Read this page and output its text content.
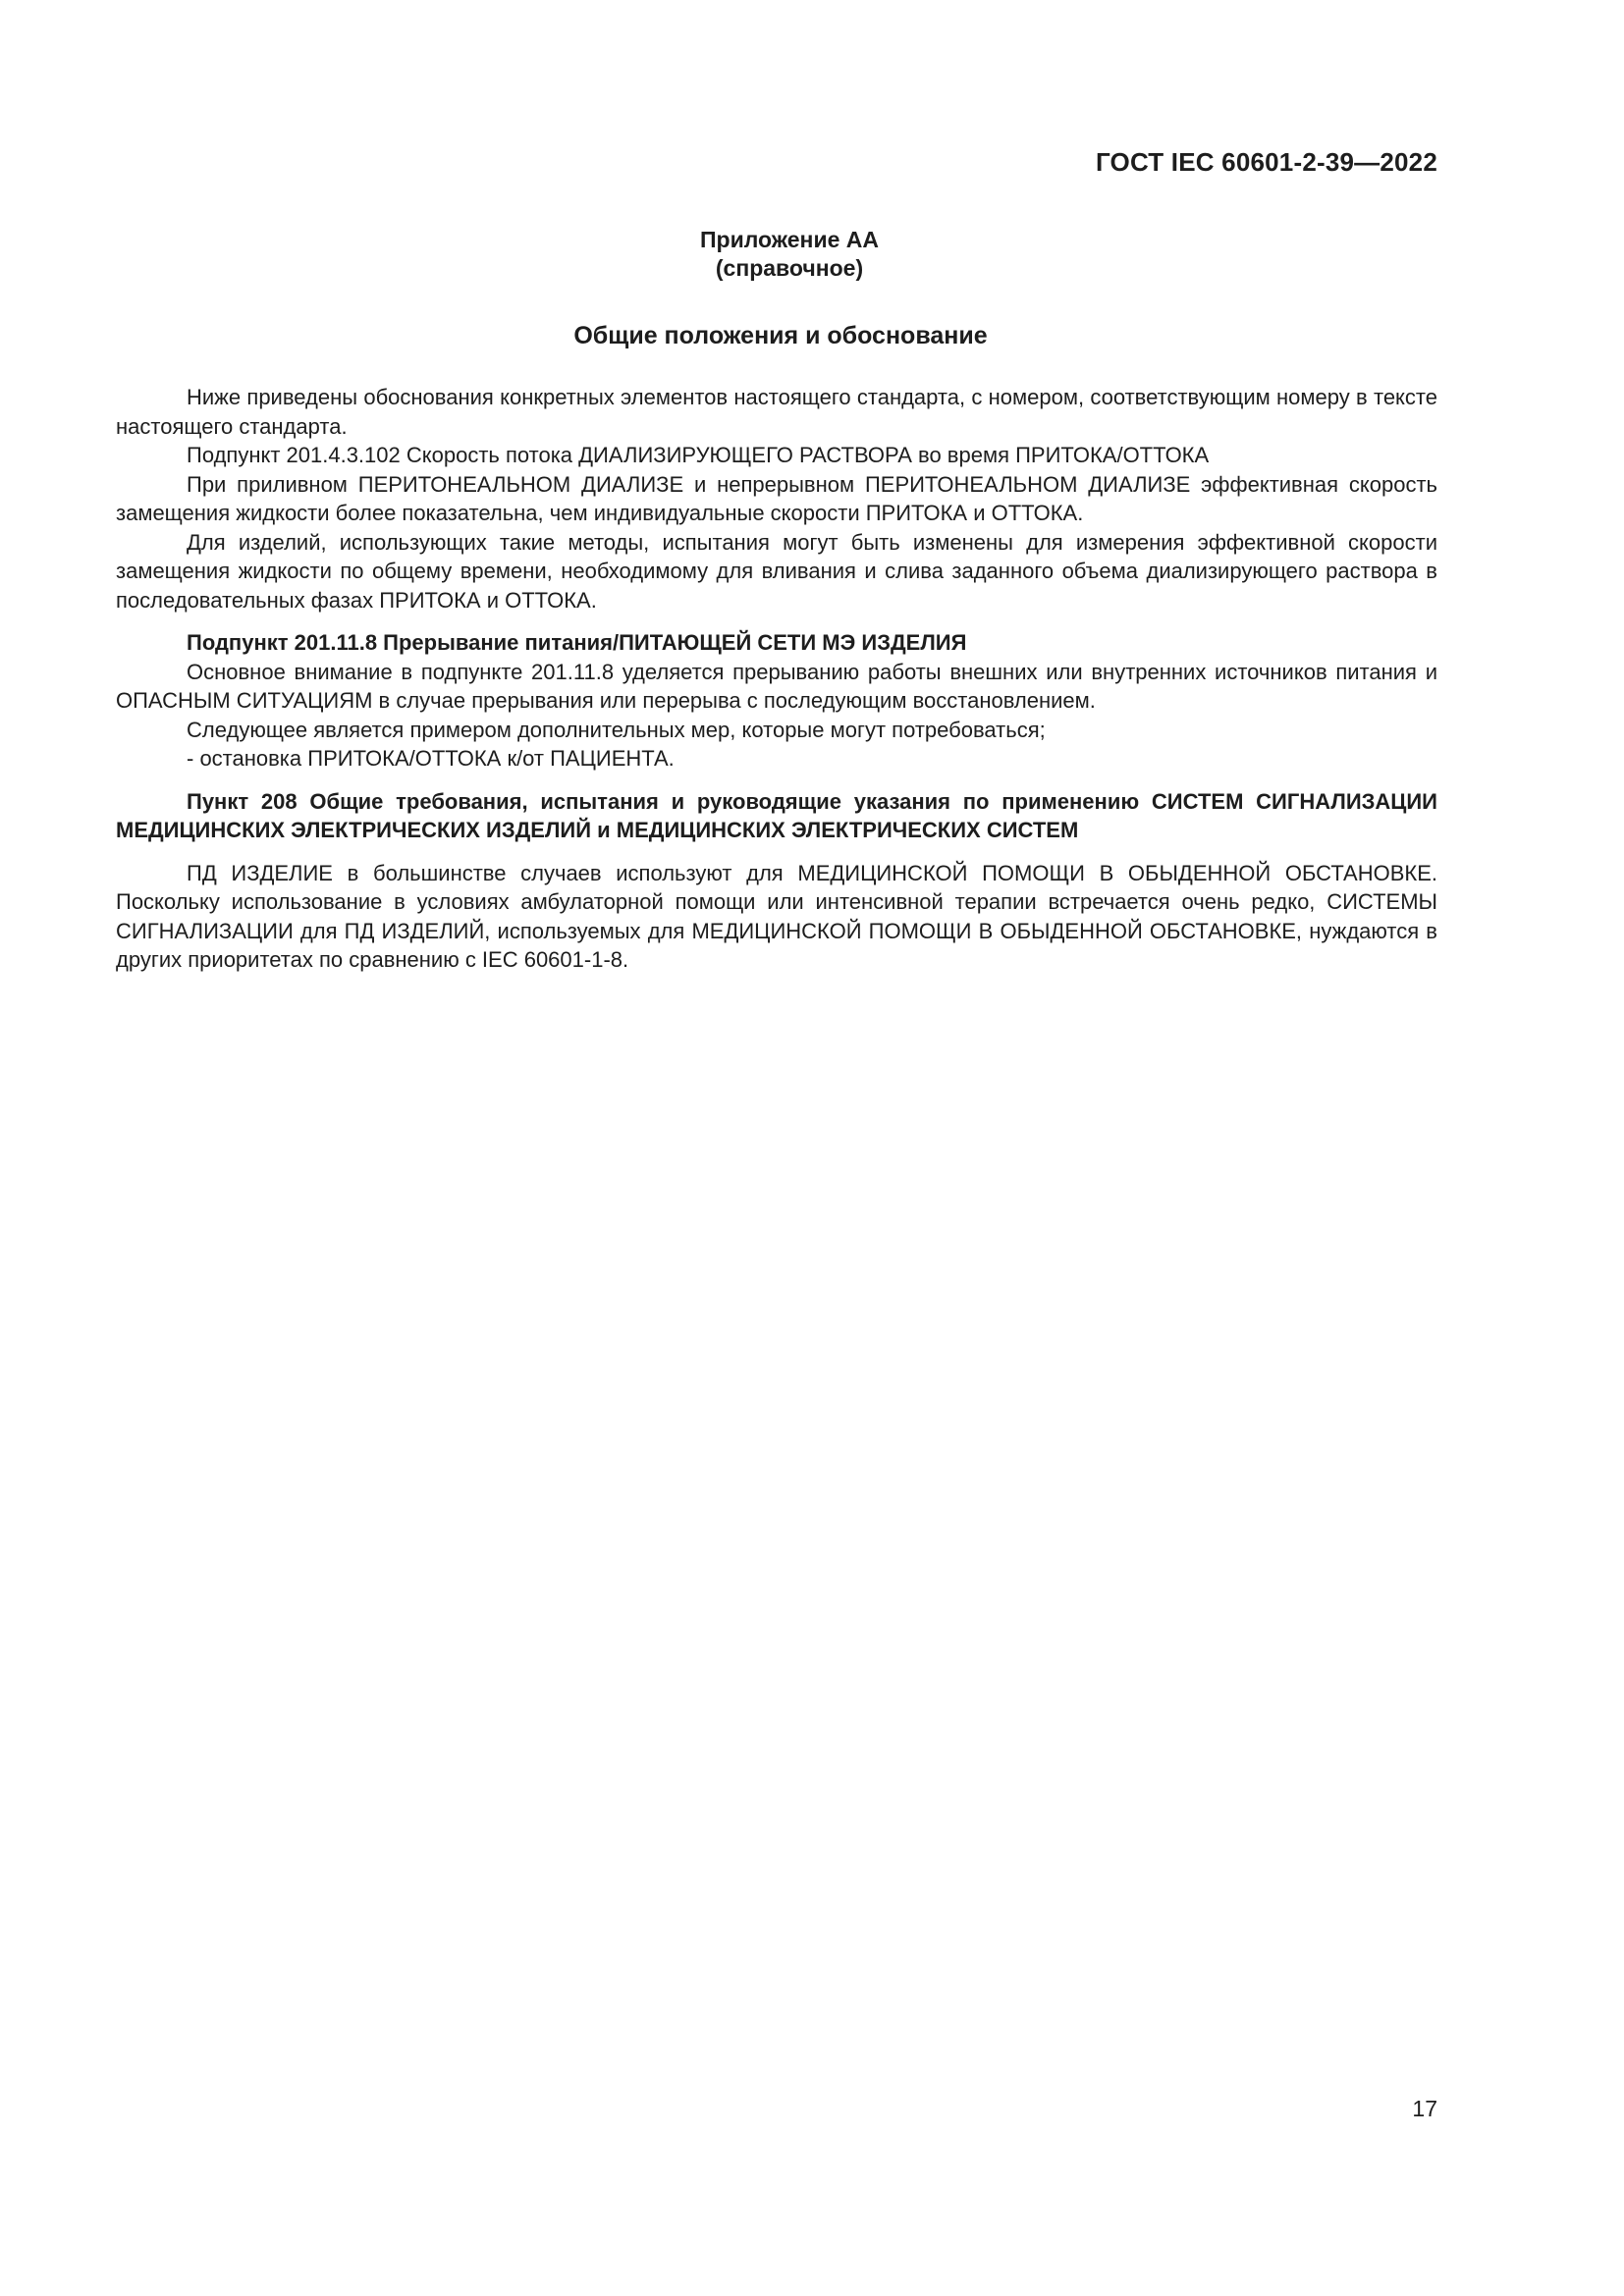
ГОСТ IEC 60601-2-39—2022
Приложение АА
(справочное)
Общие положения и обоснование

Ниже приведены обоснования конкретных элементов настоящего стандарта, с номером, соответствующим номеру в тексте настоящего стандарта.

Подпункт 201.4.3.102 Скорость потока ДИАЛИЗИРУЮЩЕГО РАСТВОРА во время ПРИТОКА/ОТТОКА

При приливном ПЕРИТОНЕАЛЬНОМ ДИАЛИЗЕ и непрерывном ПЕРИТОНЕАЛЬНОМ ДИАЛИЗЕ эффективная скорость замещения жидкости более показательна, чем индивидуальные скорости ПРИТОКА и ОТТОКА.

Для изделий, использующих такие методы, испытания могут быть изменены для измерения эффективной скорости замещения жидкости по общему времени, необходимому для вливания и слива заданного объема диализирующего раствора в последовательных фазах ПРИТОКА и ОТТОКА.

Подпункт 201.11.8 Прерывание питания/ПИТАЮЩЕЙ СЕТИ МЭ ИЗДЕЛИЯ

Основное внимание в подпункте 201.11.8 уделяется прерыванию работы внешних или внутренних источников питания и ОПАСНЫМ СИТУАЦИЯМ в случае прерывания или перерыва с последующим восстановлением.

Следующее является примером дополнительных мер, которые могут потребоваться;

- остановка ПРИТОКА/ОТТОКА к/от ПАЦИЕНТА.

Пункт 208 Общие требования, испытания и руководящие указания по применению СИСТЕМ СИГНАЛИЗАЦИИ МЕДИЦИНСКИХ ЭЛЕКТРИЧЕСКИХ ИЗДЕЛИЙ и МЕДИЦИНСКИХ ЭЛЕКТРИЧЕСКИХ СИСТЕМ

ПД ИЗДЕЛИЕ в большинстве случаев используют для МЕДИЦИНСКОЙ ПОМОЩИ В ОБЫДЕННОЙ ОБСТАНОВКЕ. Поскольку использование в условиях амбулаторной помощи или интенсивной терапии встречается очень редко, СИСТЕМЫ СИГНАЛИЗАЦИИ для ПД ИЗДЕЛИЙ, используемых для МЕДИЦИНСКОЙ ПОМОЩИ В ОБЫДЕННОЙ ОБСТАНОВКЕ, нуждаются в других приоритетах по сравнению с IEC 60601-1-8.

17
